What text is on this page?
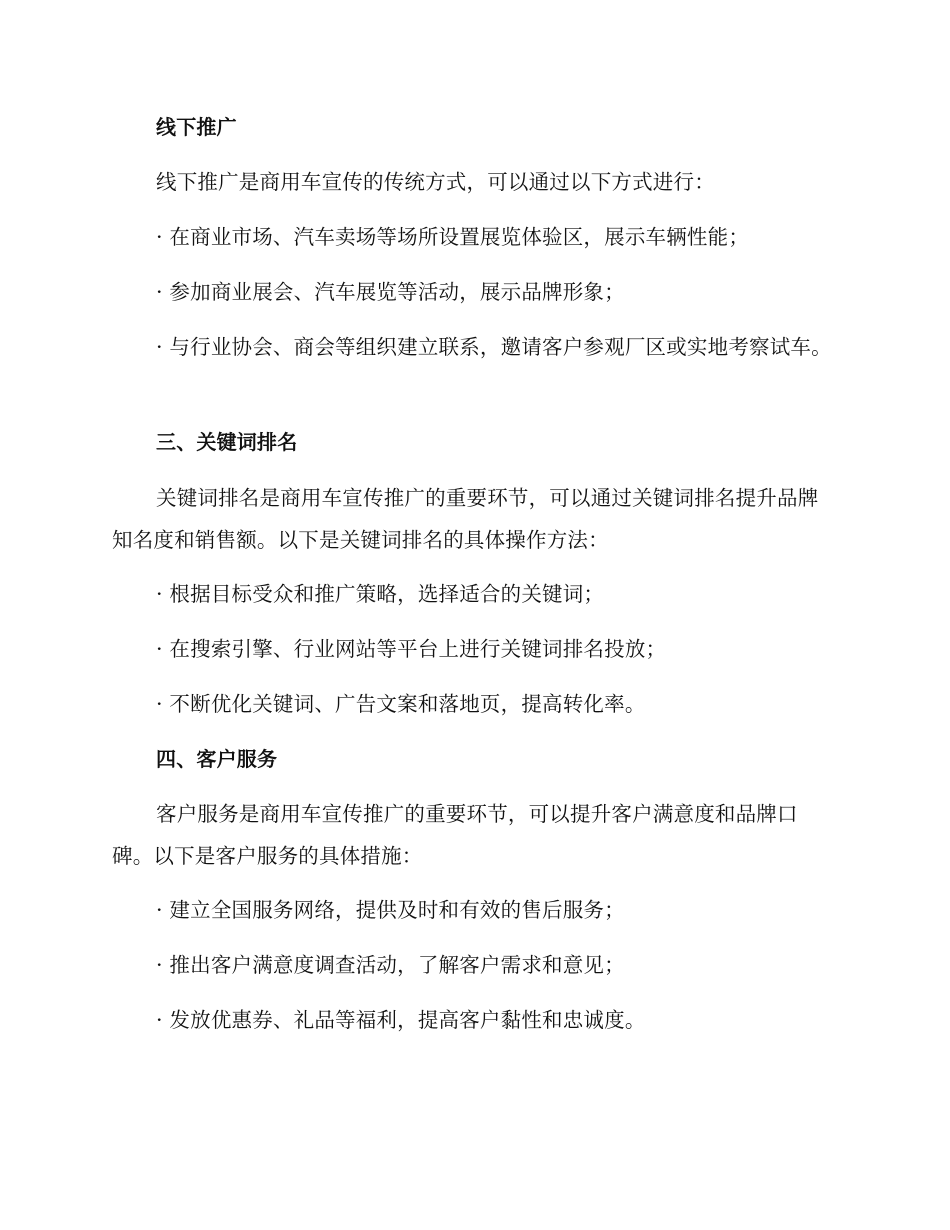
线下推广

线下推广是商用车宣传的传统方式，可以通过以下方式进行：

· 在商业市场、汽车卖场等场所设置展览体验区，展示车辆性能；

· 参加商业展会、汽车展览等活动，展示品牌形象；

· 与行业协会、商会等组织建立联系，邀请客户参观厂区或实地考察试车。

三、关键词排名

关键词排名是商用车宣传推广的重要环节，可以通过关键词排名提升品牌知名度和销售额。以下是关键词排名的具体操作方法：

· 根据目标受众和推广策略，选择适合的关键词；

· 在搜索引擎、行业网站等平台上进行关键词排名投放；

· 不断优化关键词、广告文案和落地页，提高转化率。

四、客户服务

客户服务是商用车宣传推广的重要环节，可以提升客户满意度和品牌口碑。以下是客户服务的具体措施：

· 建立全国服务网络，提供及时和有效的售后服务；

· 推出客户满意度调查活动，了解客户需求和意见；

· 发放优惠券、礼品等福利，提高客户黏性和忠诚度。
